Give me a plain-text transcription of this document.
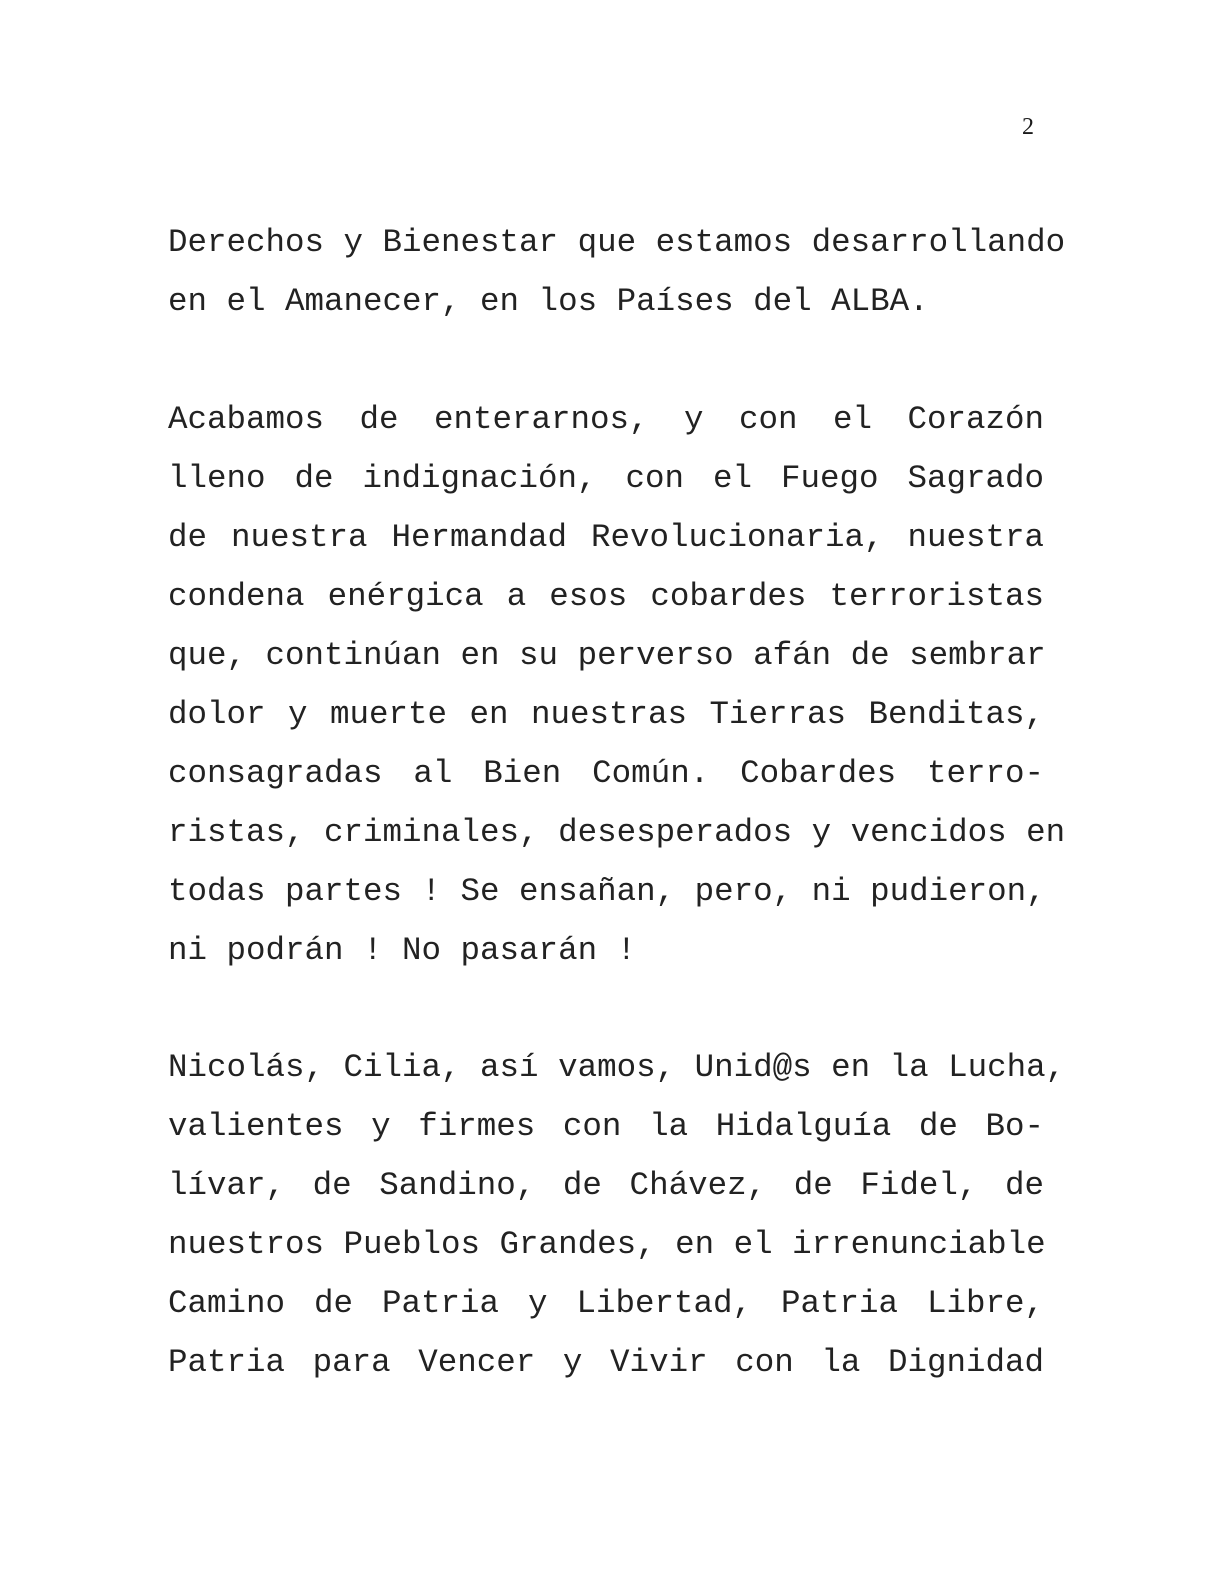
2
Derechos y Bienestar que estamos desarrollando
en el Amanecer, en los Países del ALBA.
Acabamos de enterarnos, y con el Corazón
lleno de indignación, con el Fuego Sagrado
de nuestra Hermandad Revolucionaria, nuestra
condena enérgica a esos cobardes terroristas
que, continúan en su perverso afán de sembrar
dolor y muerte en nuestras Tierras Benditas,
consagradas al Bien Común. Cobardes terro-
ristas, criminales, desesperados y vencidos en
todas partes ! Se ensañan, pero, ni pudieron,
ni podrán ! No pasarán !
Nicolás, Cilia, así vamos, Unid@s en la Lucha,
valientes y firmes con la Hidalguía de Bo-
lívar, de Sandino, de Chávez, de Fidel, de
nuestros Pueblos Grandes, en el irrenunciable
Camino de Patria y Libertad, Patria Libre,
Patria para Vencer y Vivir con la Dignidad
